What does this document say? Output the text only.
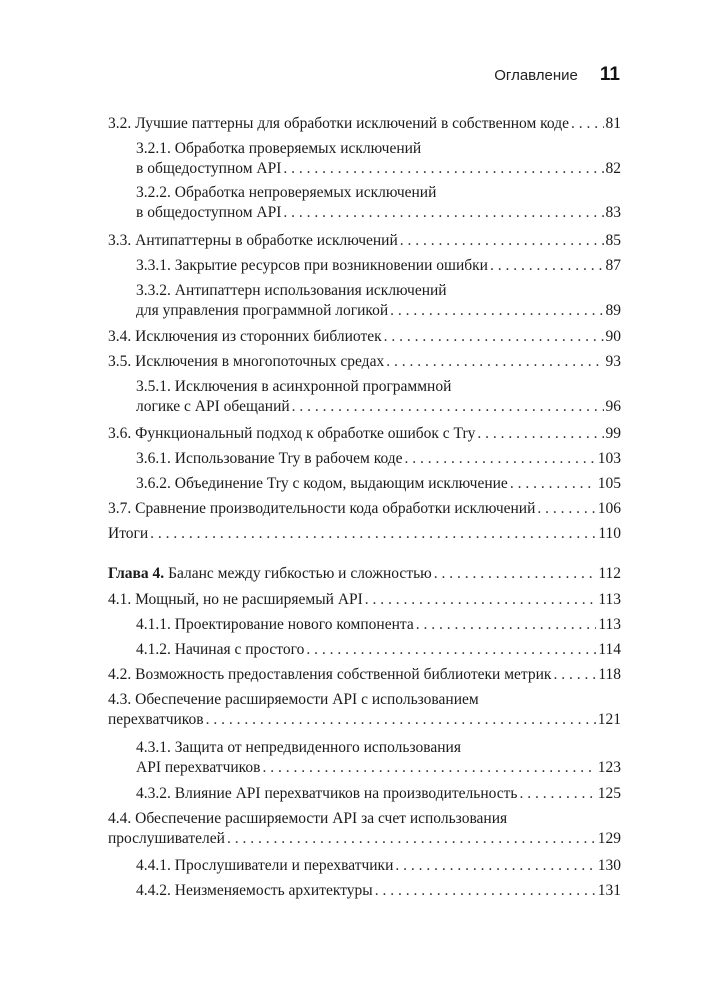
Оглавление 11
3.2. Лучшие паттерны для обработки исключений в собственном коде . . . 81
3.2.1. Обработка проверяемых исключений
в общедоступном API . . .	82
3.2.2. Обработка непроверяемых исключений
в общедоступном API . . .	83
3.3. Антипаттерны в обработке исключений . . .	85
3.3.1. Закрытие ресурсов при возникновении ошибки . . .	87
3.3.2. Антипаттерн использования исключений
для управления программной логикой . . .	89
3.4. Исключения из сторонних библиотек . . .	90
3.5. Исключения в многопоточных средах . . .	93
3.5.1. Исключения в асинхронной программной
логике с API обещаний . . .	96
3.6. Функциональный подход к обработке ошибок с Try . . .	99
3.6.1. Использование Try в рабочем коде . . .	103
3.6.2. Объединение Try с кодом, выдающим исключение . . .	105
3.7. Сравнение производительности кода обработки исключений . . .	106
Итоги . . .	110
Глава 4.
Баланс между гибкостью и сложностью . . .	112
4.1. Мощный, но не расширяемый API . . .	113
4.1.1. Проектирование нового компонента . . .	113
4.1.2. Начиная с простого . . .	114
4.2. Возможность предоставления собственной библиотеки метрик . . .	118
4.3. Обеспечение расширяемости API с использованием
перехватчиков . . .	121
4.3.1. Защита от непредвиденного использования
API перехватчиков . . .	123
4.3.2. Влияние API перехватчиков на производительность . . .	125
4.4. Обеспечение расширяемости API за счет использования
прослушивателей . . .	129
4.4.1. Прослушиватели и перехватчики . . .	130
4.4.2. Неизменяемость архитектуры . . .	131
